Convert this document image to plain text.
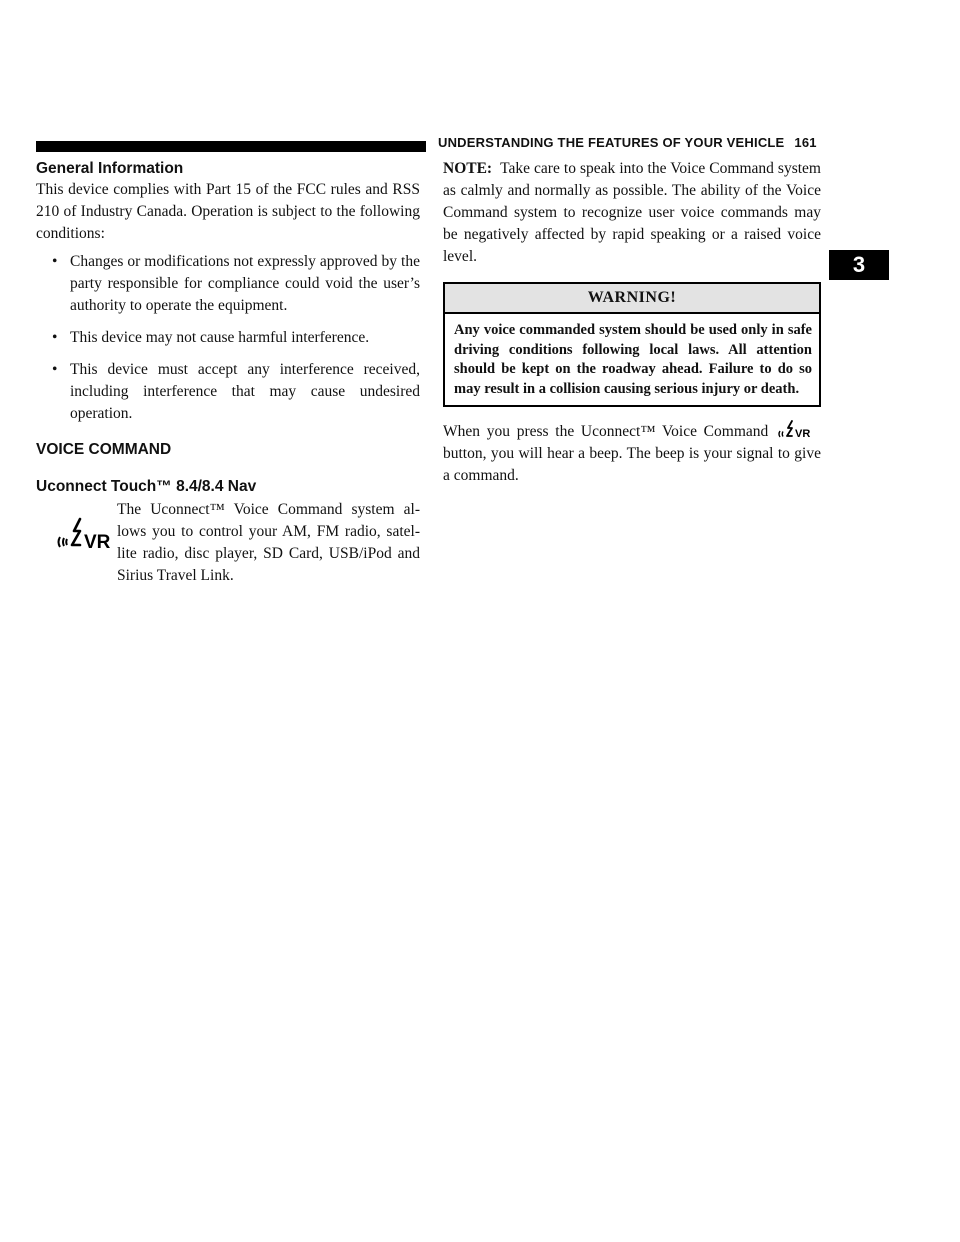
UNDERSTANDING THE FEATURES OF YOUR VEHICLE 161
3
General Information

This device complies with Part 15 of the FCC rules and RSS 210 of Industry Canada. Operation is subject to the following conditions:

• Changes or modifications not expressly approved by the party responsible for compliance could void the user’s authority to operate the equipment.
• This device may not cause harmful interference.
• This device must accept any interference received, including interference that may cause undesired operation.
VOICE COMMAND
Uconnect Touch™ 8.4/8.4 Nav
VR

The Uconnect™ Voice Command system al-lows you to control your AM, FM radio, satel-lite radio, disc player, SD Card, USB/iPod and Sirius Travel Link.

NOTE: Take care to speak into the Voice Command system as calmly and normally as possible. The ability of the Voice Command system to recognize user voice commands may be negatively affected by rapid speaking or a raised voice level.

WARNING!
Any voice commanded system should be used only in safe driving conditions following local laws. All attention should be kept on the roadway ahead. Failure to do so may result in a collision causing serious injury or death.

When you press the Uconnect™ Voice Command VR
button, you will hear a beep. The beep is your signal to give a command.
